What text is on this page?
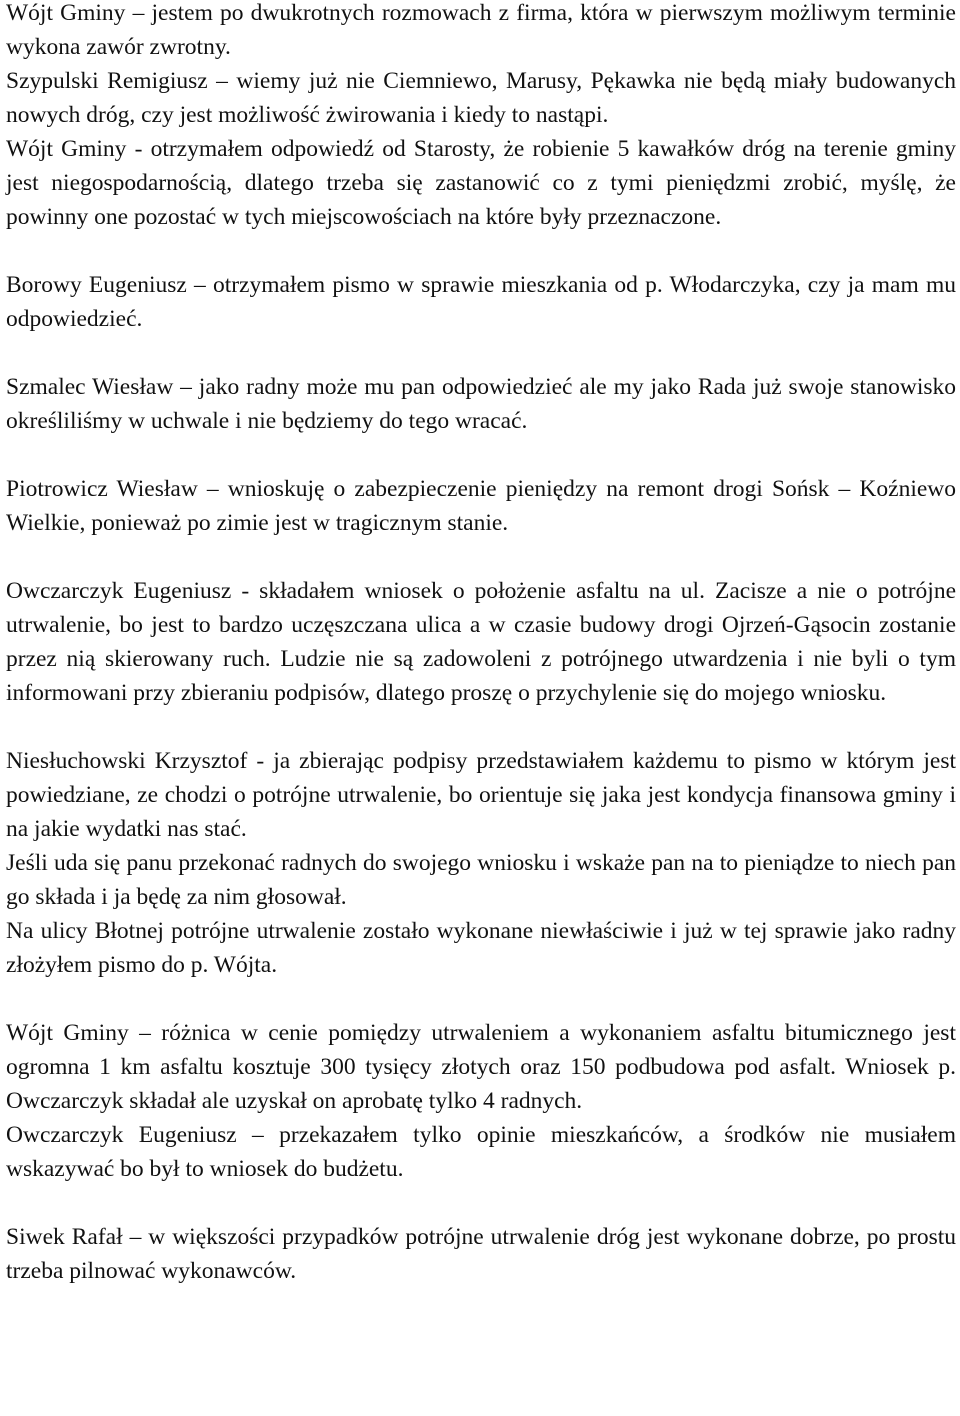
Wójt Gminy – jestem po dwukrotnych rozmowach z firma, która w pierwszym możliwym terminie wykona zawór zwrotny.

Szypulski Remigiusz – wiemy już nie Ciemniewo, Marusy, Pękawka nie będą miały budowanych nowych dróg, czy jest możliwość żwirowania i kiedy to nastąpi.

Wójt Gminy - otrzymałem odpowiedź od Starosty, że robienie 5 kawałków dróg na terenie gminy jest niegospodarnością, dlatego trzeba się zastanowić co z tymi pieniędzmi zrobić, myślę, że powinny one pozostać w tych miejscowościach na które były przeznaczone.

Borowy Eugeniusz – otrzymałem pismo w sprawie mieszkania od p. Włodarczyka, czy ja mam mu odpowiedzieć.

Szmalec Wiesław – jako radny może mu pan odpowiedzieć ale my jako Rada już swoje stanowisko określiliśmy w uchwale i nie będziemy do tego wracać.

Piotrowicz Wiesław – wnioskuję o zabezpieczenie pieniędzy na remont drogi Sońsk – Koźniewo Wielkie, ponieważ po zimie jest w tragicznym stanie.

Owczarczyk Eugeniusz - składałem wniosek o położenie asfaltu na ul. Zacisze a nie o potrójne utrwalenie, bo jest to bardzo uczęszczana ulica a w czasie budowy drogi Ojrzeń-Gąsocin zostanie przez nią skierowany ruch. Ludzie nie są zadowoleni z potrójnego utwardzenia i nie byli o tym informowani przy zbieraniu podpisów, dlatego proszę o przychylenie się do mojego wniosku.

Niesłuchowski Krzysztof - ja zbierając podpisy przedstawiałem każdemu to pismo w którym jest powiedziane, ze chodzi o potrójne utrwalenie, bo orientuje się jaka jest kondycja finansowa gminy i na jakie wydatki nas stać.

Jeśli uda się panu przekonać radnych do swojego wniosku i wskaże pan na to pieniądze to niech pan go składa i ja będę za nim głosował.

Na ulicy Błotnej potrójne utrwalenie zostało wykonane niewłaściwie i już w tej sprawie jako radny złożyłem pismo do p. Wójta.

Wójt Gminy – różnica w cenie pomiędzy utrwaleniem a wykonaniem asfaltu bitumicznego jest ogromna 1 km asfaltu kosztuje 300 tysięcy złotych oraz 150 podbudowa pod asfalt. Wniosek p. Owczarczyk składał ale uzyskał on aprobatę tylko 4 radnych.

Owczarczyk Eugeniusz – przekazałem tylko opinie mieszkańców, a środków nie musiałem wskazywać bo był to wniosek do budżetu.

Siwek Rafał – w większości przypadków potrójne utrwalenie dróg jest wykonane dobrze, po prostu trzeba pilnować wykonawców.
